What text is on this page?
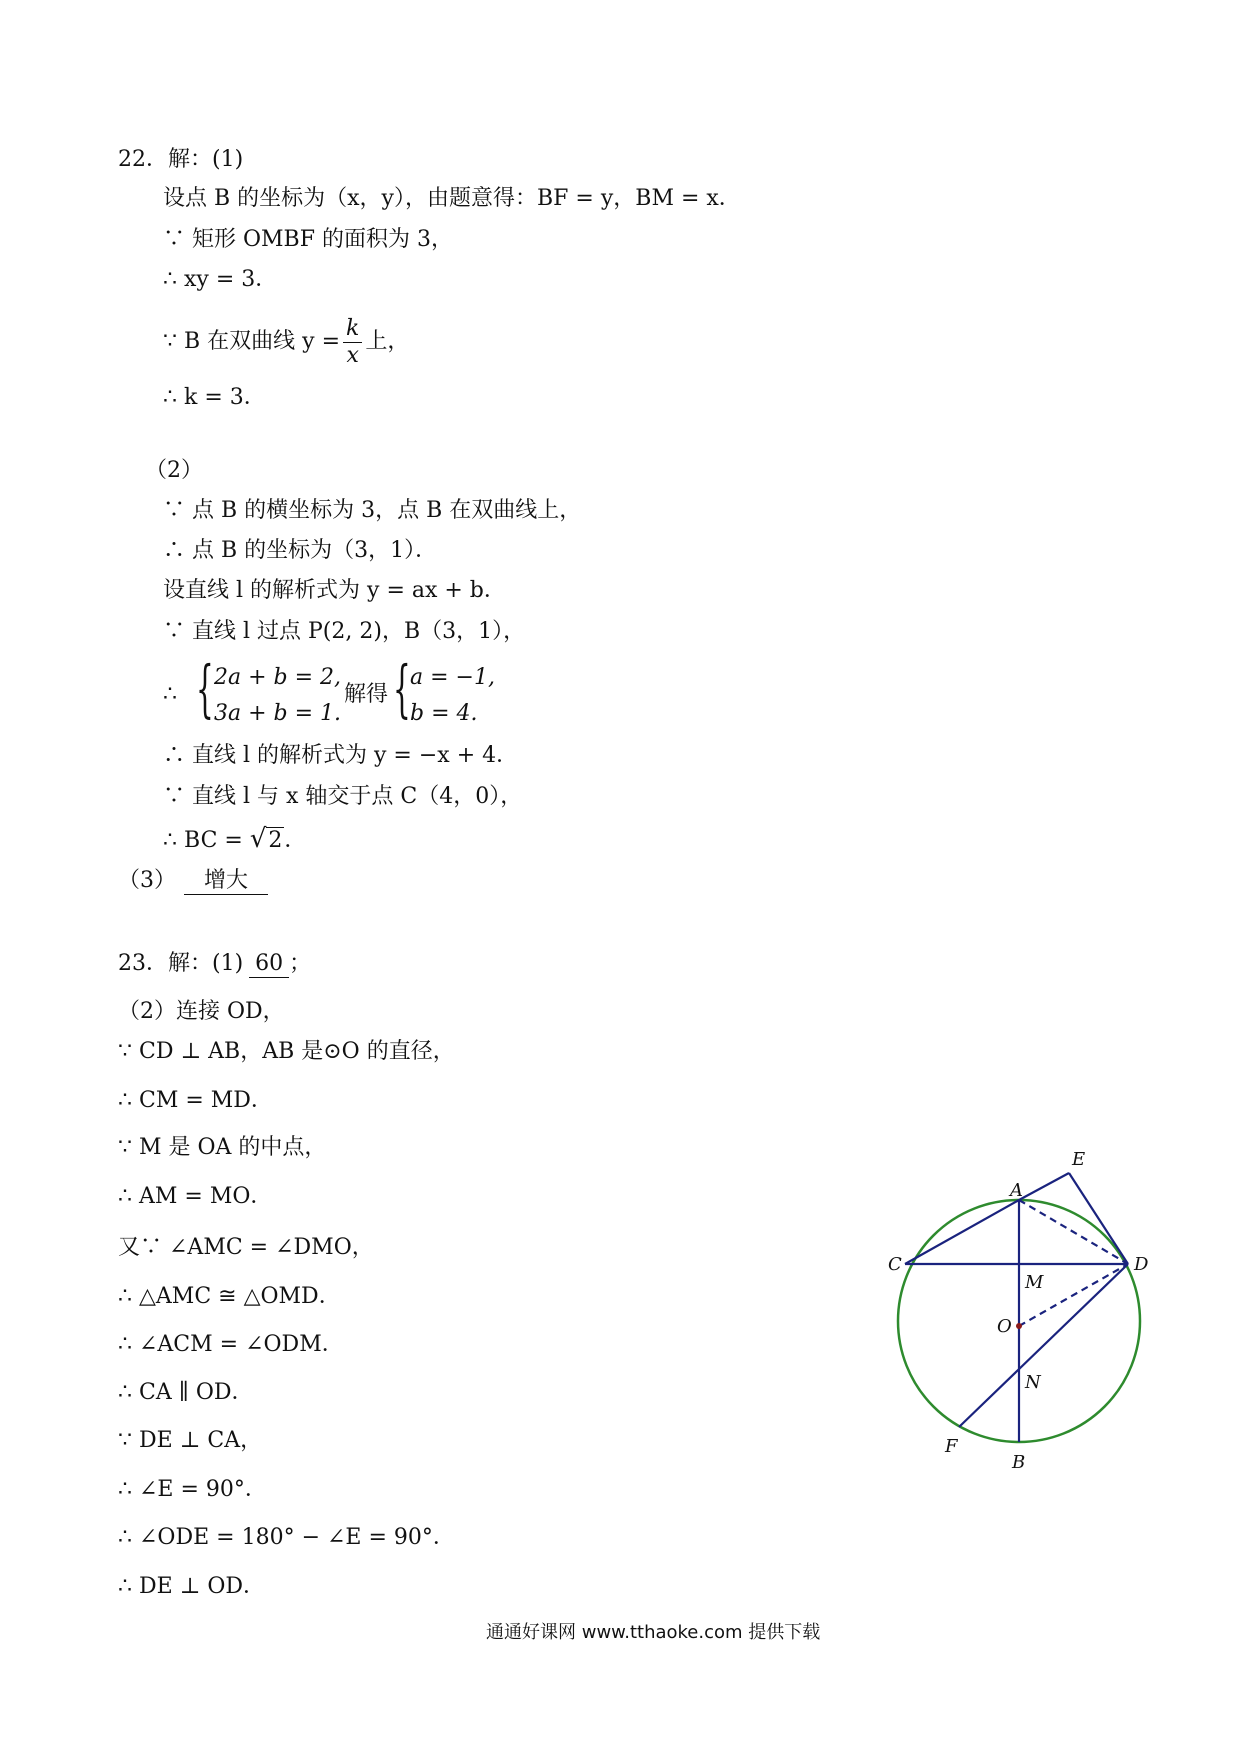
22．解：(1)
设点 B 的坐标为（x，y），由题意得：BF = y，BM = x．
∵ 矩形 OMBF 的面积为 3，
∴ xy = 3．
∵ B 在双曲线 $y = \frac{k}{x}$ 上，
∴ k = 3．
（2）
∵ 点 B 的横坐标为 3，点 B 在双曲线上，
∴ 点 B 的坐标为（3，1）．
设直线 l 的解析式为 y = ax + b．
∵ 直线 l 过点 P(2, 2)，B（3，1），
∴ { 2a + b = 2,
3a + b = 1.
解得 { a = −1,
b = 4.
∴ 直线 l 的解析式为 y = −x + 4．
∵ 直线 l 与 x 轴交于点 C（4，0），
∴ BC = √2．
（3） 增大
23．解：(1) 60 ；
（2）连接 OD，
∵ CD ⊥ AB，AB 是⊙O 的直径，
∴ CM = MD．
∵ M 是 OA 的中点，
∴ AM = MO．
又∵ ∠AMC = ∠DMO，
∴ △AMC ≅ △OMD．
∴ ∠ACM = ∠ODM．
∴ CA ∥ OD．
∵ DE ⊥ CA，
∴ ∠E = 90°．
∴ ∠ODE = 180° − ∠E = 90°．
∴ DE ⊥ OD．
E
A
C	D
M
O
N
F
B
通通好课网 www.tthaoke.com 提供下载
